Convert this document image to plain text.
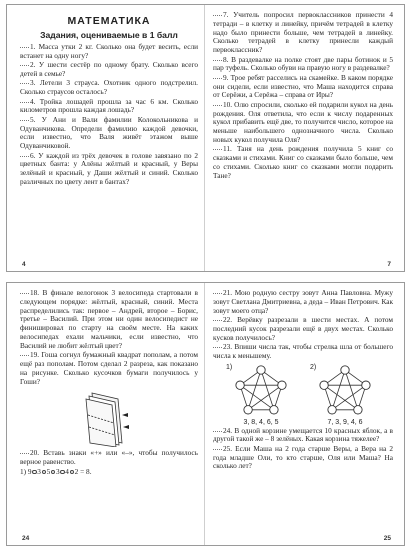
МАТЕМАТИКА
Задания, оцениваемые в 1 балл

1. Масса утки 2 кг. Сколько она будет весить, если встанет на одну ногу?

2. У шести сестёр по одному брату. Сколько всего детей в семье?

3. Летели 3 страуса. Охотник одного подстрелил. Сколько страусов осталось?

4. Тройка лошадей прошла за час 6 км. Сколько километров прошла каждая лошадь?

5. У Ани и Вали фамилии Колокольникова и Одуванчикова. Определи фамилию каждой девочки, если известно, что Валя живёт этажом выше Одуванчиковой.

6. У каждой из трёх девочек в голове завязано по 2 цветных банта: у Алёны жёлтый и красный, у Веры зелёный и красный, у Даши жёлтый и синий. Сколько различных по цвету лент в бантах?

4

7. Учитель попросил первоклассников принести 4 тетради – в клетку и линейку, причём тетрадей в клетку надо было принести больше, чем тетрадей в линейку. Сколько тетрадей в клетку принесли каждый первоклассник?

8. В раздевалке на полке стоят две пары ботинок и 5 пар туфель. Сколько обуви на правую ногу в раздевалке?

9. Трое ребят расселись на скамейке. В каком порядке они сидели, если известно, что Маша находится справа от Серёжи, а Серёжа – справа от Иры?

10. Олю спросили, сколько ей подарили кукол на день рождения. Оля ответила, что если к числу подаренных кукол прибавить ещё две, то получится число, которое на меньше наибольшего однозначного числа. Сколько новых кукол получила Оля?

11. Таня на день рождения получила 5 книг со сказками и стихами. Книг со сказками было больше, чем со стихами. Сколько книг со сказками могли подарить Тане?

7

18. В финале велогонок 3 велосипеда стартовали в следующем порядке: жёлтый, красный, синий. Места распределились так: первое – Андрей, второе – Борис, третье – Василий. При этом ни один велосипедист не финишировал по старту на своём месте. На каких велосипедах ехали мальчики, если известно, что Василий не любит жёлтый цвет?

19. Гоша согнул бумажный квадрат пополам, а потом ещё раз пополам. Потом сделал 2 разреза, как показано на рисунке. Сколько кусочков бумаги получилось у Гоши?

20. Вставь знаки «+» или «–», чтобы получилось верное равенство.

1) 9 3 5 3 4 2 = 8.

24

21. Мою родную сестру зовут Анна Павловна. Мужу зовут Светлана Дмитриевна, а деда – Иван Петрович. Как зовут моего отца?

22. Верёвку разрезали в шести местах. А потом последний кусок разрезали ещё в двух местах. Сколько кусков получилось?

23. Впиши числа так, чтобы стрелка шла от большего числа к меньшему.

1)
3, 8, 4, 6, 5
2)
7, 3, 9, 4, 6

24. В одной корзине умещается 10 красных яблок, а в другой такой же – 8 зелёных. Какая корзина тяжелее?

25. Если Маша на 2 года старше Веры, а Вера на 2 года младше Оли, то кто старше, Оля или Маша? На сколько лет?

25
